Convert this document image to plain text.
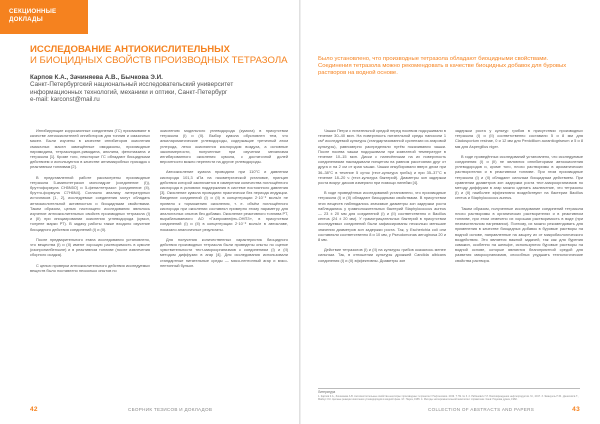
СЕКЦИОННЫЕ
ДОКЛАДЫ
ИССЛЕДОВАНИЕ АНТИОКИСЛИТЕЛЬНЫХ
И БИОЦИДНЫХ СВОЙСТВ ПРОИЗВОДНЫХ ТЕТРАЗОЛА
Карпов К.А., Зачиняева А.В., Бычкова Э.И.
Санкт-Петербургский национальный исследовательский университет
информационных технологий, механики и оптики, Санкт-Петербург
e-mail: karconst@mail.ru

Ингибирующие коррозионные соединения (ГС) присваивают в качестве антиокислителей ингибиторов для топлив и смазочных масел. Были изучены в качестве ингибиторов окисления смазочных масел замещённые имидазолы, производные пиримидина, тетразолидон-pимидина, анилина, фенотиазина и тетразола [1]. Кроме того, некоторые ГС обладают биоцидными действием и используются в качестве антимикробных присадок к реактивным топливам [2].

В представленной работе рассмотрены производные тетразола 5-аминотетразол моногидрат (соединение (I)), бруттоформула CH5N5O] и 5-фенилтетразол (соединение (II), брутто-формула C7H6N4]. Согласно анализу литературных источников [1, 2], исследуемые соединения могут обладать антиокислительной активностью и биоцидными свойствами. Таким образом, целью настоящего исследования являлось изучение антиокислительных свойств производных тетразола (I) и (II) при инициировании окисления углеводорода (кумол, толуене марки РТ). В задачу работы также входило изучение биоцидного действия соединений (I) и (II).

После предварительного этапа исследования установлено, что вещества (I) и (II) имеют хорошую растворимость в кумоле (изопропилбензоле) и в реактивном топливе (после извлечения сборного осадка).

С целью проверки антиокислительного действия исследуемых веществ было поставлено несколько опытов по

окислению модельного углеводорода (кумола) в присутствии тетразола (I) и (II). Выбор кумола обусловлен тем, что алкилароматические углеводороды, содержащие третичный атом углерода, легко окисляются кислородом воздуха, а основные закономерности, полученные при изучении механизма ингибированного окисления кумола, с достаточной долей вероятности можно перенести на другие углеводороды.

Автоокисление кумола проводили при 110°С и давлении кислорода 101,3 кПа на газометрической установке, принцип действия которой заключается в измерении количества поглощённого кислорода в условиях поддержания в системе постоянного давления [3]. Окисление кумола проводили практически без периода индукции. Введение соединений (I) и (II) в концентрации 2·10⁻² моль/л не привело к торможению окисления, т. е. объём поглощённого кислорода при окислении составлял примерно этому параметру для аналогичных опытов без добавки. Окисление реактивного топлива РТ, вырабатываемого АО «Газпромнефть-ОНПЗ», в присутствии соединений (I) и (II) в концентрации 2·10⁻² моль/л в автоклаве, показало аналогичные результаты.

Для получения количественных характеристик биоцидного действия производных тетразола были проведены опыты по оценке чувствительности тест-микроорганизмов к соединениям (I) и (II) методом диффузии в агар [4]. Для исследования использовали стандартные питательные среды — мясо-пептонный агар и мясо-пептонный бульон.

Было установлено, что производные тетразола обладают биоцидными свойствами. Соединения тетразола можно рекомендовать в качестве биоцидных добавок для буровых растворов на водной основе.

Чашки Петри с питательной средой перед посевом подсушивали в течение 30–40 мин. На поверхность питательной среды наносили 1 см³ исследуемой культуры (стандартизованной суспензии из агаровой культуры), равномерно распределяли путём покачивания чашки. После посева чашки подсушивали при комнатной температуре в течение 10–15 мин. Диски с нанесёнными на их поверхность соединениями накладывали пинцетом на равном расстоянии друг от друга и на 2 см от края чашки. Чашки инкубировали вверх дном при 36–38°С в течение 5 суток (тест-культура грибы) и при 35–37°С в течение 18–20 ч (тест-культура бактерий). Диаметры зон задержки роста вокруг дисков измеряли при помощи линейки [4].

В ходе проведённых исследований установлено, что производные тетразола (I) и (II) обладают биоцидными свойствами. В присутствии этих веществ наблюдались значимые диаметры зон задержки роста наблюдались у грамположительных бактерий Staphylococcus aureus — 23 ± 20 мм для соединений (I) и (II) соответственно и Bacillus cereus (24 ± 20 мм). У грамотрицательных бактерий в присутствии исследуемых соединений были зафиксированы несколько меньшие значения диаметров зон задержки роста. Так, у Escherichia coli они составляли соответственно 8 и 10 мм, у Pseudomonas aeruginosa 20 и 8 мм.

Действие тетразолов (I) и (II) на культуры грибов оказалось менее сильным. Так, в отношении культуры дрожжей Candida albicans соединения (I) и (II) эффективны. Диаметры зон

задержки роста у культур грибов в присутствии производных тетразола (I) и (II) соответственно составили 5 и 8 мм для Cladosporium resinae, 0 и 12 мм для Penicillium aurantiogriseum и 5 и 8 мм для Aspergillus niger.

В ходе проведённых исследований установлено, что исследуемые соединения (I) и (II) не являются ингибиторами автоокисления углеводородов и, кроме того, плохо растворимы в ароматических растворителях и в реактивном топливе. При этом производные тетразола (I) и (II) обладают сильным биоцидным действием. При сравнении диаметров зон задержки роста тест-микроорганизмов по методу диффузии в агар можно сделать заключение, что тетразолы (I) и (II) наиболее эффективно воздействуют на бактерии Bacillus cereus и Staphylococcus aureus.

Таким образом, полученные исследование соединений тетразола плохо растворимы в органических растворителях и в реактивном топливе, при этом отмечено их хорошая растворимость в воде (при незначительном нагревании). Поэтому, их можно рекомендовать для применения в качестве биоцидных добавок в буровые растворы на водной основе, направленные на защиту их от микробиологического воздействия. Это является важной задачей, так как для бурения скважин, особенно на шельфе, используются буровые растворы на водной основе, которые являются благоприятной средой для развития микроорганизмов, способных ухудшать технологические свойства раствора.

Литература
1. Карпов К.А., Зачиняева А.В. Антиокислительные свойства некоторых производных тетразола // Нефтехимия. 2019. Т. 59. № 3. 2. Рабинович Г.Л. Биоповреждения нефтепродуктов. М., 2017. 3. Эмануэль Н.М., Денисов Е.Т., Майзус З.К. Цепные реакции окисления углеводородов в жидкой фазе. М.: Наука, 1965. 4. Методы экспериментальной микологии: справочник. Киев: Наукова думка, 1982.
42	СБОРНИК ТЕЗИСОВ И ДОКЛАДОВ	COLLECTION OF ABSTRACTS AND PAPERS	43
